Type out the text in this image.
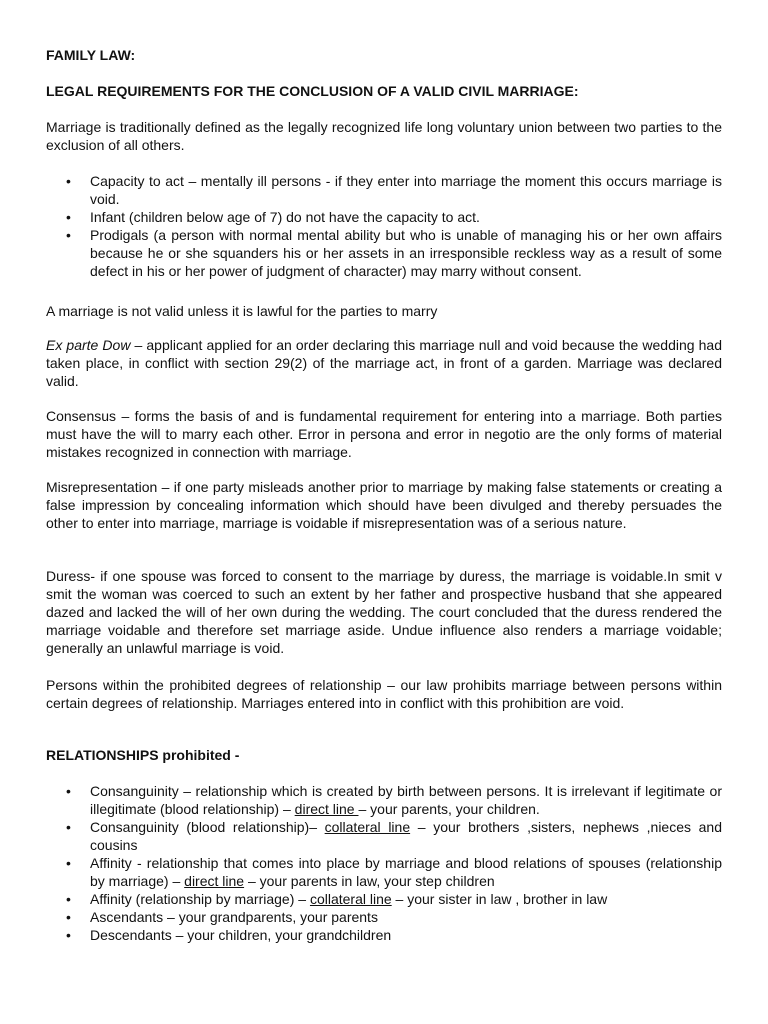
FAMILY LAW:

LEGAL REQUIREMENTS FOR THE CONCLUSION OF A VALID CIVIL MARRIAGE:

Marriage is traditionally defined as the legally recognized life long voluntary union between two parties to the exclusion of all others.

• Capacity to act – mentally ill persons - if they enter into marriage the moment this occurs marriage is void.
• Infant (children below age of 7) do not have the capacity to act.
• Prodigals (a person with normal mental ability but who is unable of managing his or her own affairs because he or she squanders his or her assets in an irresponsible reckless way as a result of some defect in his or her power of judgment of character) may marry without consent.

A marriage is not valid unless it is lawful for the parties to marry

Ex parte Dow – applicant applied for an order declaring this marriage null and void because the wedding had taken place, in conflict with section 29(2) of the marriage act, in front of a garden. Marriage was declared valid.

Consensus – forms the basis of and is fundamental requirement for entering into a marriage. Both parties must have the will to marry each other. Error in persona and error in negotio are the only forms of material mistakes recognized in connection with marriage.

Misrepresentation – if one party misleads another prior to marriage by making false statements or creating a false impression by concealing information which should have been divulged and thereby persuades the other to enter into marriage, marriage is voidable if misrepresentation was of a serious nature.

Duress- if one spouse was forced to consent to the marriage by duress, the marriage is voidable.In smit v smit the woman was coerced to such an extent by her father and prospective husband that she appeared dazed and lacked the will of her own during the wedding. The court concluded that the duress rendered the marriage voidable and therefore set marriage aside. Undue influence also renders a marriage voidable; generally an unlawful marriage is void.

Persons within the prohibited degrees of relationship – our law prohibits marriage between persons within certain degrees of relationship. Marriages entered into in conflict with this prohibition are void.

RELATIONSHIPS prohibited -

• Consanguinity – relationship which is created by birth between persons. It is irrelevant if legitimate or illegitimate (blood relationship) – direct line – your parents, your children.
• Consanguinity (blood relationship)– collateral line – your brothers ,sisters, nephews ,nieces and cousins
• Affinity - relationship that comes into place by marriage and blood relations of spouses (relationship by marriage) – direct line – your parents in law, your step children
• Affinity (relationship by marriage) – collateral line – your sister in law , brother in law
• Ascendants – your grandparents, your parents
• Descendants – your children, your grandchildren
